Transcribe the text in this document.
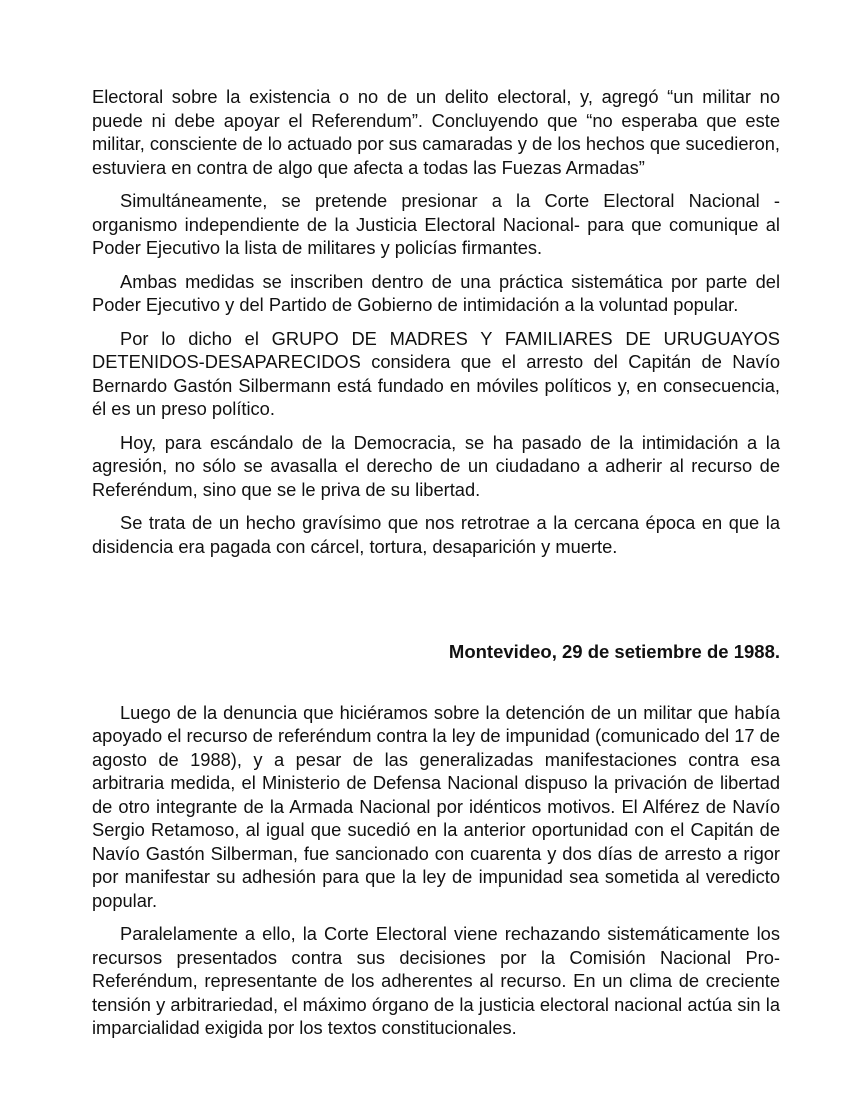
Electoral sobre la existencia o no de un delito electoral, y, agregó “un militar no puede ni debe apoyar el Referendum”. Concluyendo que “no esperaba que este militar, consciente de lo actuado por sus camaradas y de los hechos que sucedieron, estuviera en contra de algo que afecta a todas las Fuezas Armadas”

Simultáneamente, se pretende presionar a la Corte Electoral Nacional - organismo independiente de la Justicia Electoral Nacional- para que comunique al Poder Ejecutivo la lista de militares y policías firmantes.

Ambas medidas se inscriben dentro de una práctica sistemática por parte del Poder Ejecutivo y del Partido de Gobierno de intimidación a la voluntad popular.

Por lo dicho el GRUPO DE MADRES Y FAMILIARES DE URUGUAYOS DETENIDOS-DESAPARECIDOS considera que el arresto del Capitán de Navío Bernardo Gastón Silbermann está fundado en móviles políticos y, en consecuencia, él es un preso político.

Hoy, para escándalo de la Democracia, se ha pasado de la intimidación a la agresión, no sólo se avasalla el derecho de un ciudadano a adherir al recurso de Referéndum, sino que se le priva de su libertad.

Se trata de un hecho gravísimo que nos retrotrae a la cercana época en que la disidencia era pagada con cárcel, tortura, desaparición y muerte.

Montevideo, 29 de setiembre de 1988.

Luego de la denuncia que hiciéramos sobre la detención de un militar que había apoyado el recurso de referéndum contra la ley de impunidad (comunicado del 17 de agosto de 1988), y a pesar de las generalizadas manifestaciones contra esa arbitraria medida, el Ministerio de Defensa Nacional dispuso la privación de libertad de otro integrante de la Armada Nacional por idénticos motivos. El Alférez de Navío Sergio Retamoso, al igual que sucedió en la anterior oportunidad con el Capitán de Navío Gastón Silberman, fue sancionado con cuarenta y dos días de arresto a rigor por manifestar su adhesión para que la ley de impunidad sea sometida al veredicto popular.

Paralelamente a ello, la Corte Electoral viene rechazando sistemáticamente los recursos presentados contra sus decisiones por la Comisión Nacional Pro-Referéndum, representante de los adherentes al recurso. En un clima de creciente tensión y arbitrariedad, el máximo órgano de la justicia electoral nacional actúa sin la imparcialidad exigida por los textos constitucionales.
